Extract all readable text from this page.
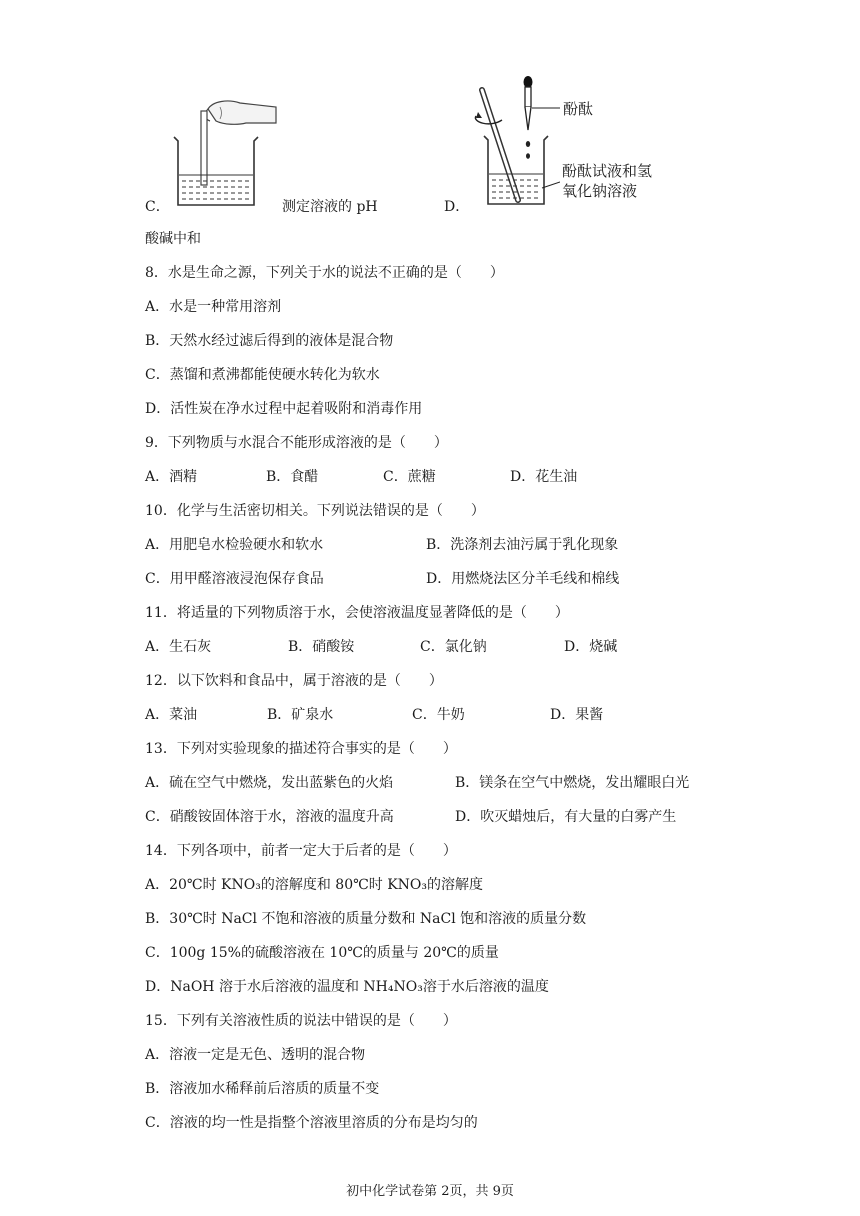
C．	测定溶液的 pH	D．
酚酞
酚酞试液和氢
氧化钠溶液
酸碱中和
8．水是生命之源，下列关于水的说法不正确的是（　　）
A．水是一种常用溶剂
B．天然水经过滤后得到的液体是混合物
C．蒸馏和煮沸都能使硬水转化为软水
D．活性炭在净水过程中起着吸附和消毒作用
9．下列物质与水混合不能形成溶液的是（　　）
A．酒精	B．食醋	C．蔗糖	D．花生油
10．化学与生活密切相关。下列说法错误的是（　　）
A．用肥皂水检验硬水和软水	B．洗涤剂去油污属于乳化现象
C．用甲醛溶液浸泡保存食品	D．用燃烧法区分羊毛线和棉线
11．将适量的下列物质溶于水，会使溶液温度显著降低的是（　　）
A．生石灰	B．硝酸铵	C．氯化钠	D．烧碱
12．以下饮料和食品中，属于溶液的是（　　）
A．菜油	B．矿泉水	C．牛奶	D．果酱
13．下列对实验现象的描述符合事实的是（　　）
A．硫在空气中燃烧，发出蓝紫色的火焰	B．镁条在空气中燃烧，发出耀眼白光
C．硝酸铵固体溶于水，溶液的温度升高	D．吹灭蜡烛后，有大量的白雾产生
14．下列各项中，前者一定大于后者的是（　　）
A．20℃时 KNO₃的溶解度和 80℃时 KNO₃的溶解度
B．30℃时 NaCl 不饱和溶液的质量分数和 NaCl 饱和溶液的质量分数
C．100g 15%的硫酸溶液在 10℃的质量与 20℃的质量
D．NaOH 溶于水后溶液的温度和 NH₄NO₃溶于水后溶液的温度
15．下列有关溶液性质的说法中错误的是（　　）
A．溶液一定是无色、透明的混合物
B．溶液加水稀释前后溶质的质量不变
C．溶液的均一性是指整个溶液里溶质的分布是均匀的
初中化学试卷第 2页，共 9页
